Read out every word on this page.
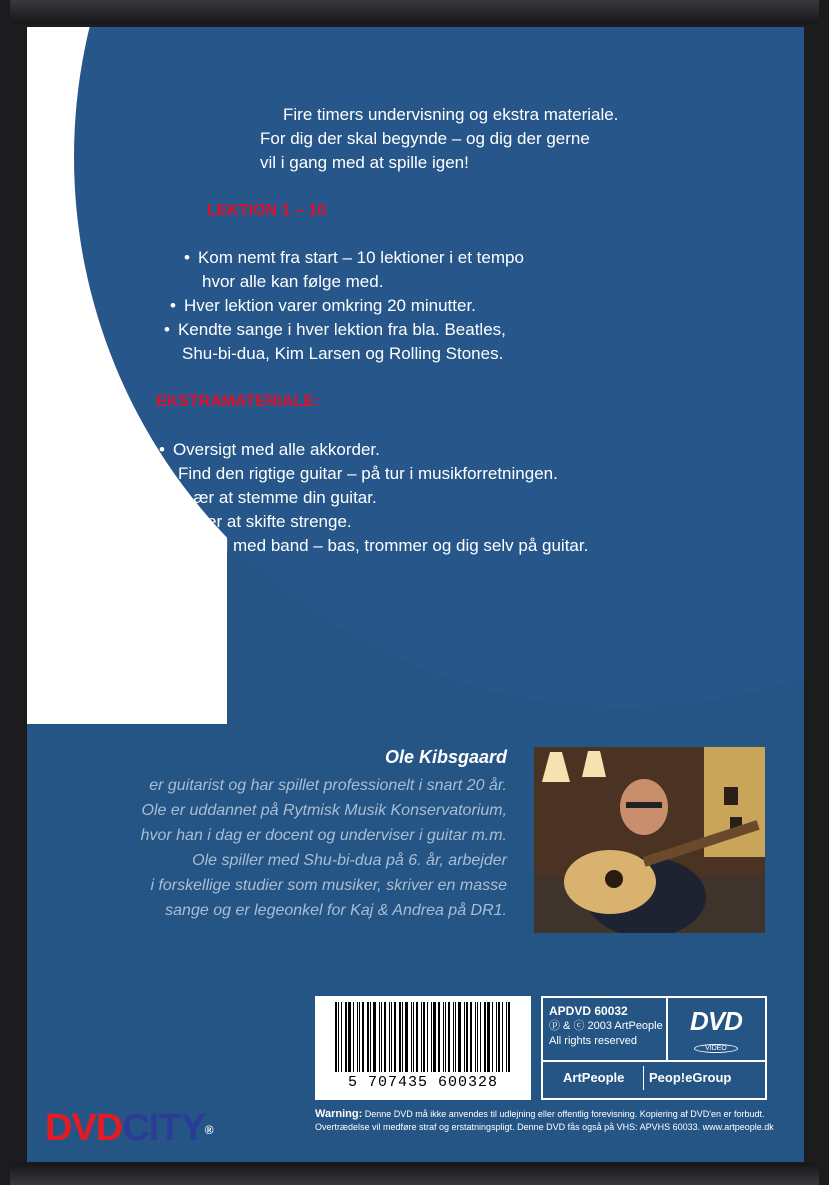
Fire timers undervisning og ekstra materiale.
For dig der skal begynde – og dig der gerne
vil i gang med at spille igen!
LEKTION 1 – 10
• Kom nemt fra start – 10 lektioner i et tempo
hvor alle kan følge med.
• Hver lektion varer omkring 20 minutter.
• Kendte sange i hver lektion fra bla. Beatles,
Shu-bi-dua, Kim Larsen og Rolling Stones.
EKSTRAMATERIALE:
• Oversigt med alle akkorder.
• Find den rigtige guitar – på tur i musikforretningen.
• Lær at stemme din guitar.
• Lær at skifte strenge.
• Spil med band – bas, trommer og dig selv på guitar.
Ole Kibsgaard
er guitarist og har spillet professionelt i snart 20 år.
Ole er uddannet på Rytmisk Musik Konservatorium,
hvor han i dag er docent og underviser i guitar m.m.
Ole spiller med Shu-bi-dua på 6. år, arbejder
i forskellige studier som musiker, skriver en masse
sange og er legeonkel for Kaj & Andrea på DR1.
5 707435 600328
APDVD 60032
ⓟ & ⓒ 2003 ArtPeople
All rights reserved
DVD
VIDEO
ArtPeople Peop!eGroup
Warning: Denne DVD må ikke anvendes til udlejning eller offentlig forevisning. Kopiering af DVD'en er forbudt.
Overtrædelse vil medføre straf og erstatningspligt. Denne DVD fås også på VHS: APVHS 60033. www.artpeople.dk
DVDCITY®
